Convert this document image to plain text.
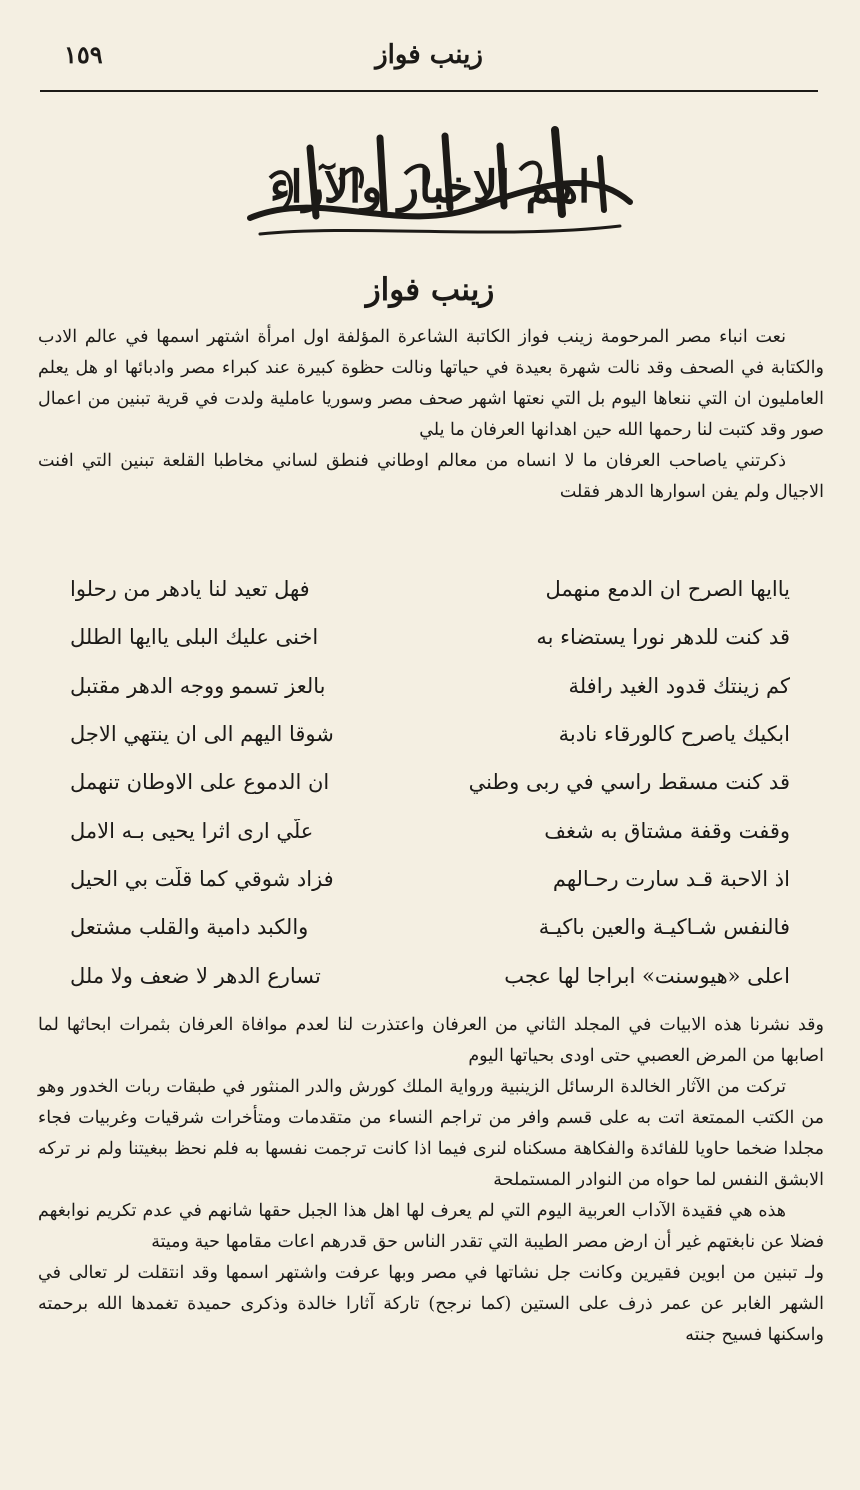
١٥٩	زينب فواز
اهم الاخبار والآراء
زينب فواز

نعت انباء مصر المرحومة زينب فواز الكاتبة الشاعرة المؤلفة اول امرأة اشتهر اسمها في عالم الادب والكتابة في الصحف وقد نالت شهرة بعيدة في حياتها ونالت حظوة كبيرة عند كبراء مصر وادبائها او هل يعلم العامليون ان التي ننعاها اليوم بل التي نعتها اشهر صحف مصر وسوريا عاملية ولدت في قرية تبنين من اعمال صور وقد كتبت لنا رحمها الله حين اهدانها العرفان ما يلي

ذكرتني ياصاحب العرفان ما لا انساه من معالم اوطاني فنطق لساني مخاطبا القلعة تبنين التي افنت الاجيال ولم يفن اسوارها الدهر فقلت

ياايها الصرح ان الدمع منهمل
فهل تعيد لنا يادهر من رحلوا
قد كنت للدهر نورا يستضاء به
اخنى عليك البلى ياايها الطلل
كم زينتك قدود الغيد رافلة
بالعز تسمو ووجه الدهر مقتبل
ابكيك ياصرح كالورقاء نادبة
شوقا اليهم الى ان ينتهي الاجل
قد كنت مسقط راسي في ربى وطني
ان الدموع على الاوطان تنهمل
وقفت وقفة مشتاق به شغف
علّي ارى اثرا يحيى بـه الامل
اذ الاحبة قـد سارت رحـالهم
فزاد شوقي كما قلّت بي الحيل
فالنفس شـاكيـة والعين باكيـة
والكبد دامية والقلب مشتعل
اعلى «هيوسنت» ابراجا لها عجب
تسارع الدهر لا ضعف ولا ملل

وقد نشرنا هذه الابيات في المجلد الثاني من العرفان واعتذرت لنا لعدم موافاة العرفان بثمرات ابحاثها لما اصابها من المرض العصبي حتى اودى بحياتها اليوم

تركت من الآثار الخالدة الرسائل الزينبية ورواية الملك كورش والدر المنثور في طبقات ربات الخدور وهو من الكتب الممتعة اتت به على قسم وافر من تراجم النساء من متقدمات ومتأخرات شرقيات وغربيات فجاء مجلدا ضخما حاويا للفائدة والفكاهة مسكناه لنرى فيما اذا كانت ترجمت نفسها به فلم نحظ ببغيتنا ولم نر تركه الابشق النفس لما حواه من النوادر المستملحة

هذه هي فقيدة الآداب العربية اليوم التي لم يعرف لها اهل هذا الجبل حقها شانهم في عدم تكريم نوابغهم فضلا عن نابغتهم غير أن ارض مصر الطيبة التي تقدر الناس حق قدرهم اعات مقامها حية وميتة

ولـ تبنين من ابوين فقيرين وكانت جل نشاتها في مصر وبها عرفت واشتهر اسمها وقد انتقلت لر تعالى في الشهر الغابر عن عمر ذرف على الستين (كما نرجح) تاركة آثارا خالدة وذكرى حميدة تغمدها الله برحمته واسكنها فسيح جنته
